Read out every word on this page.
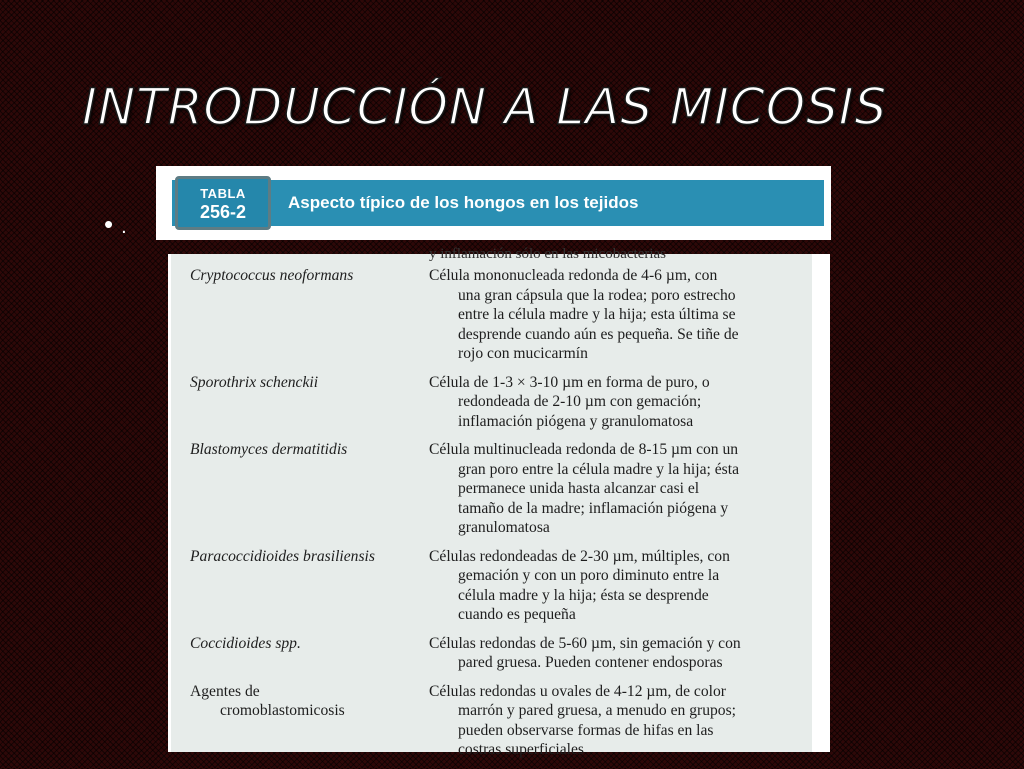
INTRODUCCIÓN A LAS MICOSIS
• .
TABLA
256-2	Aspecto típico de los hongos en los tejidos
y inflamación sólo en las micobacterias
Cryptococcus neoformans	Célula mononucleada redonda de 4-6 µm, con
una gran cápsula que la rodea; poro estrecho
entre la célula madre y la hija; esta última se
desprende cuando aún es pequeña. Se tiñe de
rojo con mucicarmín

Sporothrix schenckii	Célula de 1-3 × 3-10 µm en forma de puro, o
redondeada de 2-10 µm con gemación;
inflamación piógena y granulomatosa

Blastomyces dermatitidis	Célula multinucleada redonda de 8-15 µm con un
gran poro entre la célula madre y la hija; ésta
permanece unida hasta alcanzar casi el
tamaño de la madre; inflamación piógena y
granulomatosa

Paracoccidioides brasiliensis	Células redondeadas de 2-30 µm, múltiples, con
gemación y con un poro diminuto entre la
célula madre y la hija; ésta se desprende
cuando es pequeña

Coccidioides spp.	Células redondas de 5-60 µm, sin gemación y con
pared gruesa. Pueden contener endosporas

Agentes de
cromoblastomicosis	Células redondas u ovales de 4-12 µm, de color
marrón y pared gruesa, a menudo en grupos;
pueden observarse formas de hifas en las
costras superficiales
